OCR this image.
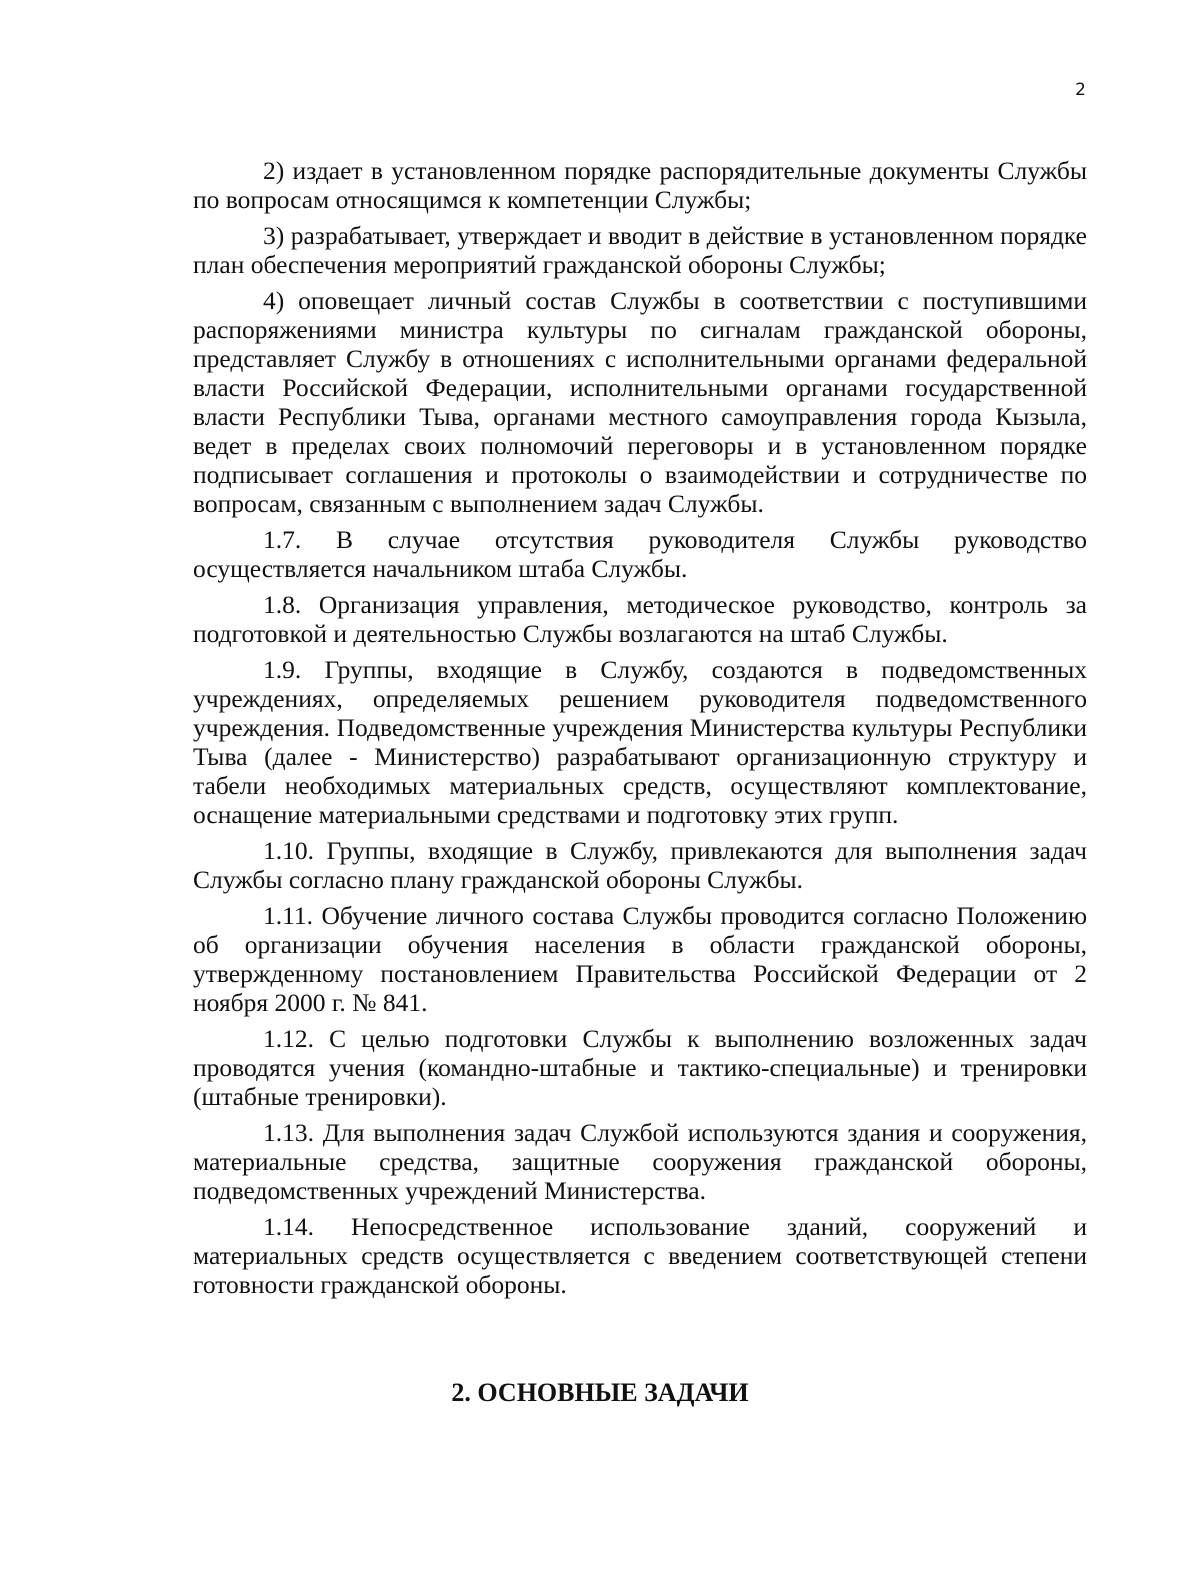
2

2) издает в установленном порядке распорядительные документы Службы по вопросам относящимся к компетенции Службы;

3) разрабатывает, утверждает и вводит в действие в установленном порядке план обеспечения мероприятий гражданской обороны Службы;

4) оповещает личный состав Службы в соответствии с поступившими распоряжениями министра культуры по сигналам гражданской обороны, представляет Службу в отношениях с исполнительными органами федеральной власти Российской Федерации, исполнительными органами государственной власти Республики Тыва, органами местного самоуправления города Кызыла, ведет в пределах своих полномочий переговоры и в установленном порядке подписывает соглашения и протоколы о взаимодействии и сотрудничестве по вопросам, связанным с выполнением задач Службы.

1.7. В случае отсутствия руководителя Службы руководство осуществляется начальником штаба Службы.

1.8. Организация управления, методическое руководство, контроль за подготовкой и деятельностью Службы возлагаются на штаб Службы.

1.9. Группы, входящие в Службу, создаются в подведомственных учреждениях, определяемых решением руководителя подведомственного учреждения. Подведомственные учреждения Министерства культуры Республики Тыва (далее - Министерство) разрабатывают организационную структуру и табели необходимых материальных средств, осуществляют комплектование, оснащение материальными средствами и подготовку этих групп.

1.10. Группы, входящие в Службу, привлекаются для выполнения задач Службы согласно плану гражданской обороны Службы.

1.11. Обучение личного состава Службы проводится согласно Положению об организации обучения населения в области гражданской обороны, утвержденному постановлением Правительства Российской Федерации от 2 ноября 2000 г. № 841.

1.12. С целью подготовки Службы к выполнению возложенных задач проводятся учения (командно-штабные и тактико-специальные) и тренировки (штабные тренировки).

1.13. Для выполнения задач Службой используются здания и сооружения, материальные средства, защитные сооружения гражданской обороны, подведомственных учреждений Министерства.

1.14. Непосредственное использование зданий, сооружений и материальных средств осуществляется с введением соответствующей степени готовности гражданской обороны.

2. ОСНОВНЫЕ ЗАДАЧИ
